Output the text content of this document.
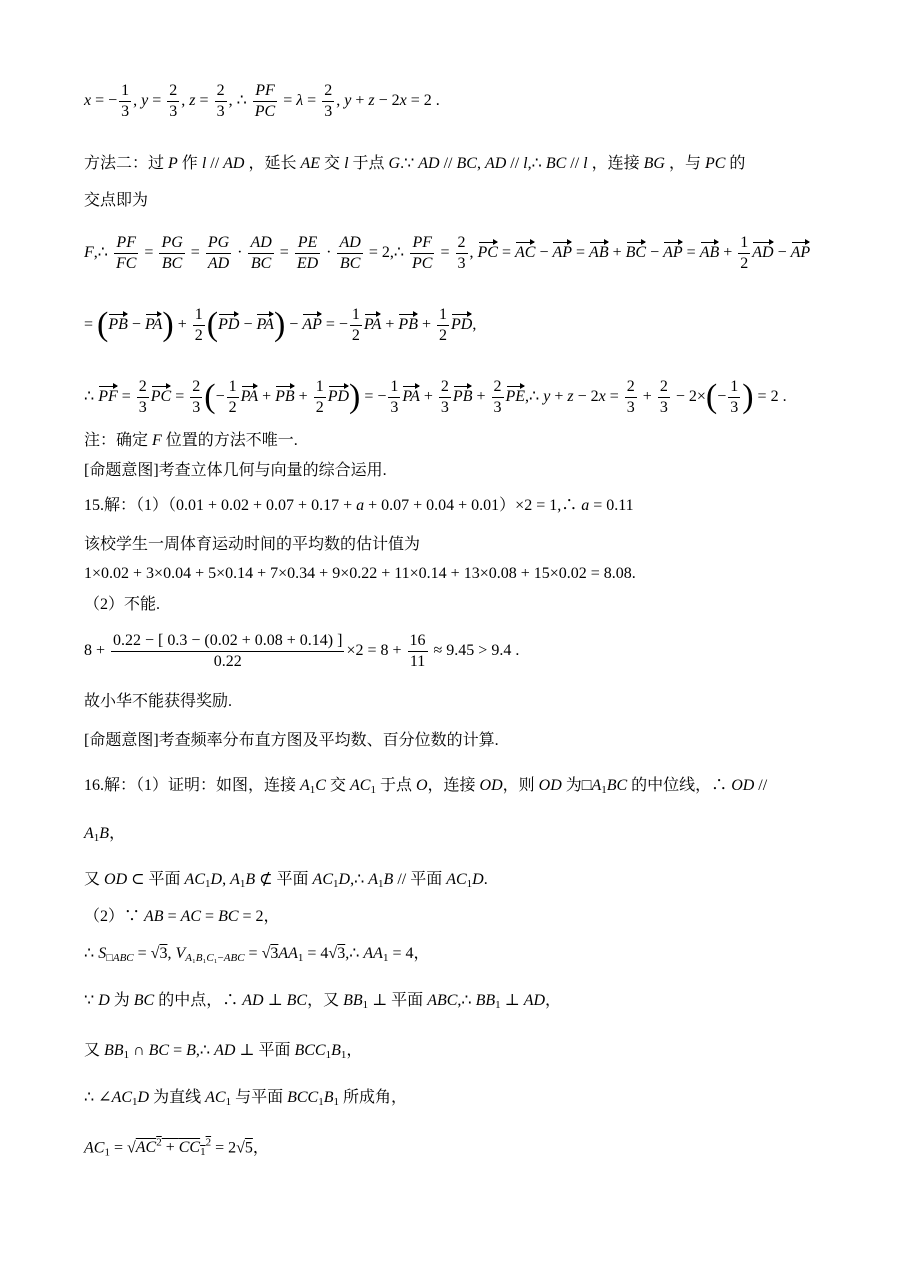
x = − $\frac{1}{3}$ , $y = \frac{2}{3}$ , $z = \frac{2}{3}$ , ∴ $\frac{PF}{PC} = \lambda = \frac{2}{3}$ , y + z − 2x = 2 .
方法二：过 P 作 l // AD ，延长 AE 交 l 于点 G.∵ AD // BC, AD // l,∴ BC // l ，连接 BG ，与 PC 的
交点即为
F,∴ $\frac{PF}{FC} = \frac{PG}{BC} = \frac{PG}{AD} \cdot \frac{AD}{BC} = \frac{PE}{ED} \cdot \frac{AD}{BC}$ = 2,∴ $\frac{PF}{PC} = \frac{2}{3}$ , PC = AC − AP = AB + BC − AP = AB + $\frac{1}{2}$ AD − AP
= $(PB - PA) + \frac{1}{2} (PD - PA)$ − AP = − $\frac{1}{2}$ PA + PB + $\frac{1}{2}$ PD,
∴ PF = $\frac{2}{3}$ PC = $\frac{2}{3}$ (− $\frac{1}{2}$ PA + PB + $\frac{1}{2} PD$) = − $\frac{1}{3}$ PA + $\frac{2}{3}$ PB + $\frac{2}{3}$ PE,∴ $y + z - 2x = \frac{2}{3} + \frac{2}{3} - 2\times(- \frac{1}{3}$ ) = 2 .
注：确定 F 位置的方法不唯一.
[命题意图]考查立体几何与向量的综合运用.
15.解：（1）（0.01 + 0.02 + 0.07 + 0.17 + a + 0.07 + 0.04 + 0.01）×2 = 1,∴ a = 0.11
该校学生一周体育运动时间的平均数的估计值为
1×0.02 + 3×0.04 + 5×0.14 + 7×0.34 + 9×0.22 + 11×0.14 + 13×0.08 + 15×0.02 = 8.08.
（2）不能.
$8 + \frac{0.22 - [ 0.3 - (0.02 + 0.08 + 0.14) ]}{0.22} \times 2 = 8 + \frac{16}{11} \approx 9.45 > 9.4$ .
故小华不能获得奖励.
[命题意图]考查频率分布直方图及平均数、百分位数的计算.
16.解：（1）证明：如图，连接 $A_1C$ 交 $AC_1$ 于点 O，连接 OD，则 OD 为$□A_1BC$ 的中位线，∴ OD //
$A_1B$，
又 OD ⊂ 平面 $AC_1D$, $A_1B$ ⊄ 平面 $AC_1D,\therefore$ $A_1B$ // 平面 $AC_1D$.
（2）∵ AB = AC = BC = 2，
∴ $S_{□ABC} = √3$, $V_{A_1B_1C_1-ABC} = √3AA_1$ = 4√3,∴ $AA_1 = 4$，
∵ D 为 BC 的中点，∴ AD ⊥ BC，又 $BB_1$ ⊥ 平面 ABC,∴ $BB_1$ ⊥ AD，
又 $BB_1$ ∩ BC = B,∴ AD ⊥ 平面 $BCC_1B_1$，
∴ $\angle AC_1D$ 为直线 $AC_1$ 与平面 $BCC_1B_1$ 所成角，
$AC_1 = √AC^2 + CC_1^2 = 2√5$，
